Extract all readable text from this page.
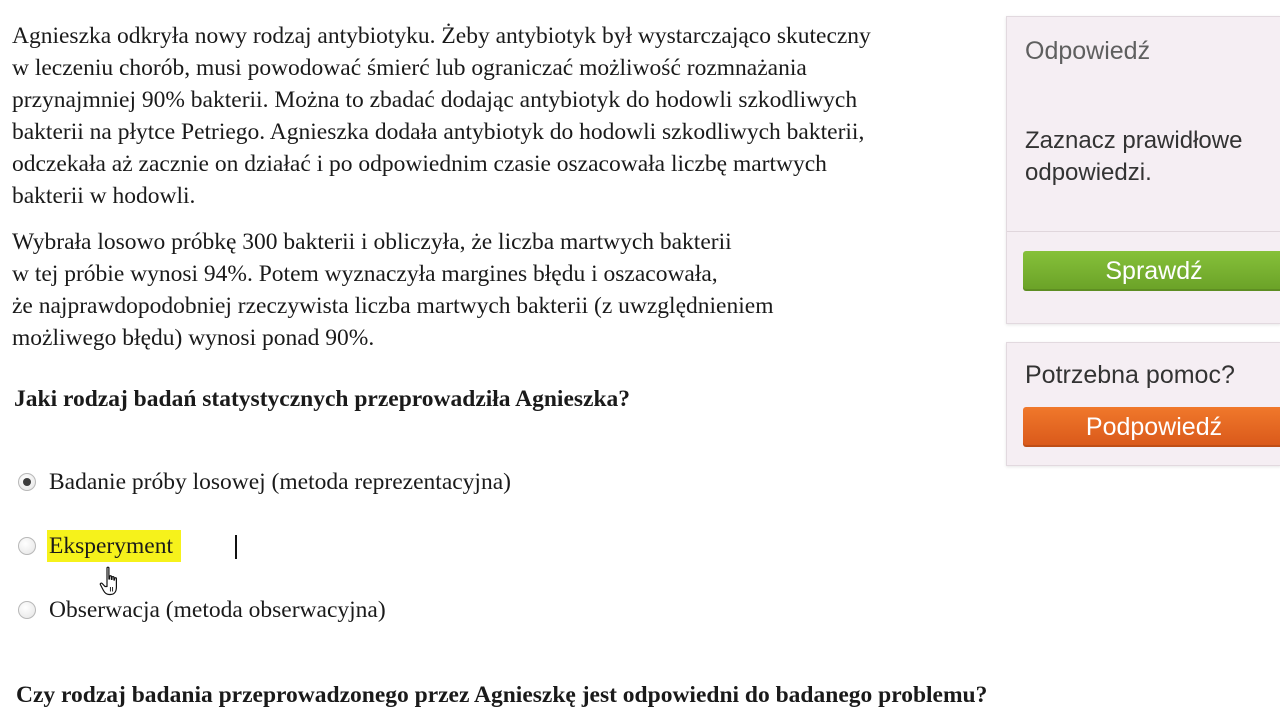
Agnieszka odkryła nowy rodzaj antybiotyku. Żeby antybiotyk był wystarczająco skuteczny
w leczeniu chorób, musi powodować śmierć lub ograniczać możliwość rozmnażania
przynajmniej 90% bakterii. Można to zbadać dodając antybiotyk do hodowli szkodliwych
bakterii na płytce Petriego. Agnieszka dodała antybiotyk do hodowli szkodliwych bakterii,
odczekała aż zacznie on działać i po odpowiednim czasie oszacowała liczbę martwych
bakterii w hodowli.

Wybrała losowo próbkę 300 bakterii i obliczyła, że liczba martwych bakterii
w tej próbie wynosi 94%. Potem wyznaczyła margines błędu i oszacowała,
że najprawdopodobniej rzeczywista liczba martwych bakterii (z uwzględnieniem
możliwego błędu) wynosi ponad 90%.

Jaki rodzaj badań statystycznych przeprowadziła Agnieszka?

Badanie próby losowej (metoda reprezentacyjna)
Eksperyment
Obserwacja (metoda obserwacyjna)

Czy rodzaj badania przeprowadzonego przez Agnieszkę jest odpowiedni do badanego problemu?

Odpowiedź
Zaznacz prawidłowe
odpowiedzi.
Sprawdź
Potrzebna pomoc?
Podpowiedź
